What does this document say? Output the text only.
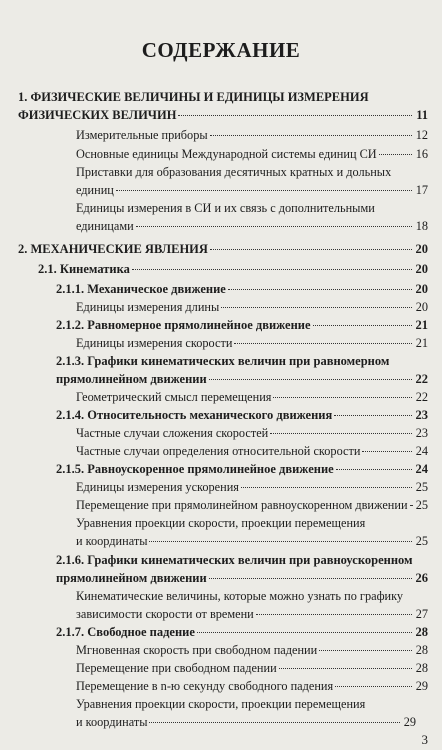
СОДЕРЖАНИЕ
1. ФИЗИЧЕСКИЕ ВЕЛИЧИНЫ И ЕДИНИЦЫ ИЗМЕРЕНИЯ
ФИЗИЧЕСКИХ ВЕЛИЧИН	11
Измерительные приборы	12
Основные единицы Международной системы единиц СИ	16
Приставки для образования десятичных кратных и дольных
единиц	17
Единицы измерения в СИ и их связь с дополнительными
единицами	18
2. МЕХАНИЧЕСКИЕ ЯВЛЕНИЯ	20
2.1. Кинематика	20
2.1.1. Механическое движение	20
Единицы измерения длины	20
2.1.2. Равномерное прямолинейное движение	21
Единицы измерения скорости	21
2.1.3. Графики кинематических величин при равномерном
прямолинейном движении	22
Геометрический смысл перемещения	22
2.1.4. Относительность механического движения	23
Частные случаи сложения скоростей	23
Частные случаи определения относительной скорости	24
2.1.5. Равноускоренное прямолинейное движение	24
Единицы измерения ускорения	25
Перемещение при прямолинейном равноускоренном движении 25
Уравнения проекции скорости, проекции перемещения
и координаты	25
2.1.6. Графики кинематических величин при равноускоренном
прямолинейном движении	26
Кинематические величины, которые можно узнать по графику
зависимости скорости от времени	27
2.1.7. Свободное падение	28
Мгновенная скорость при свободном падении	28
Перемещение при свободном падении	28
Перемещение в n-ю секунду свободного падения	29
Уравнения проекции скорости, проекции перемещения
и координаты	29
3
